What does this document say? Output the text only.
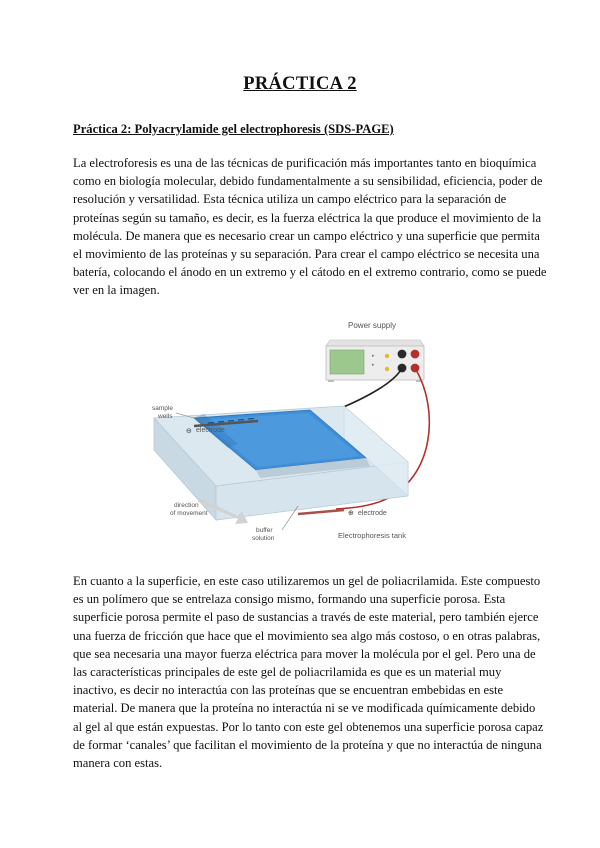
PRÁCTICA 2
Práctica 2: Polyacrylamide gel electrophoresis (SDS-PAGE)
La electroforesis es una de las técnicas de purificación más importantes tanto en bioquímica
como en biología molecular, debido fundamentalmente a su sensibilidad, eficiencia, poder de
resolución y versatilidad. Esta técnica utiliza un campo eléctrico para la separación de
proteínas según su tamaño, es decir, es la fuerza eléctrica la que produce el movimiento de la
molécula. De manera que es necesario crear un campo eléctrico y una superficie que permita
el movimiento de las proteínas y su separación. Para crear el campo eléctrico se necesita una
batería, colocando el ánodo en un extremo y el cátodo en el extremo contrario, como se puede
ver en la imagen.
Power supply
▸
▸
⊖ electrode
⊕ electrode
sample
wells
direction
of movement
buffer
solution	Electrophoresis tank
En cuanto a la superficie, en este caso utilizaremos un gel de poliacrilamida. Este compuesto
es un polímero que se entrelaza consigo mismo, formando una superficie porosa. Esta
superficie porosa permite el paso de sustancias a través de este material, pero también ejerce
una fuerza de fricción que hace que el movimiento sea algo más costoso, o en otras palabras,
que sea necesaria una mayor fuerza eléctrica para mover la molécula por el gel. Pero una de
las características principales de este gel de poliacrilamida es que es un material muy
inactivo, es decir no interactúa con las proteínas que se encuentran embebidas en este
material. De manera que la proteína no interactúa ni se ve modificada químicamente debido
al gel al que están expuestas. Por lo tanto con este gel obtenemos una superficie porosa capaz
de formar ‘canales’ que facilitan el movimiento de la proteína y que no interactúa de ninguna
manera con estas.
